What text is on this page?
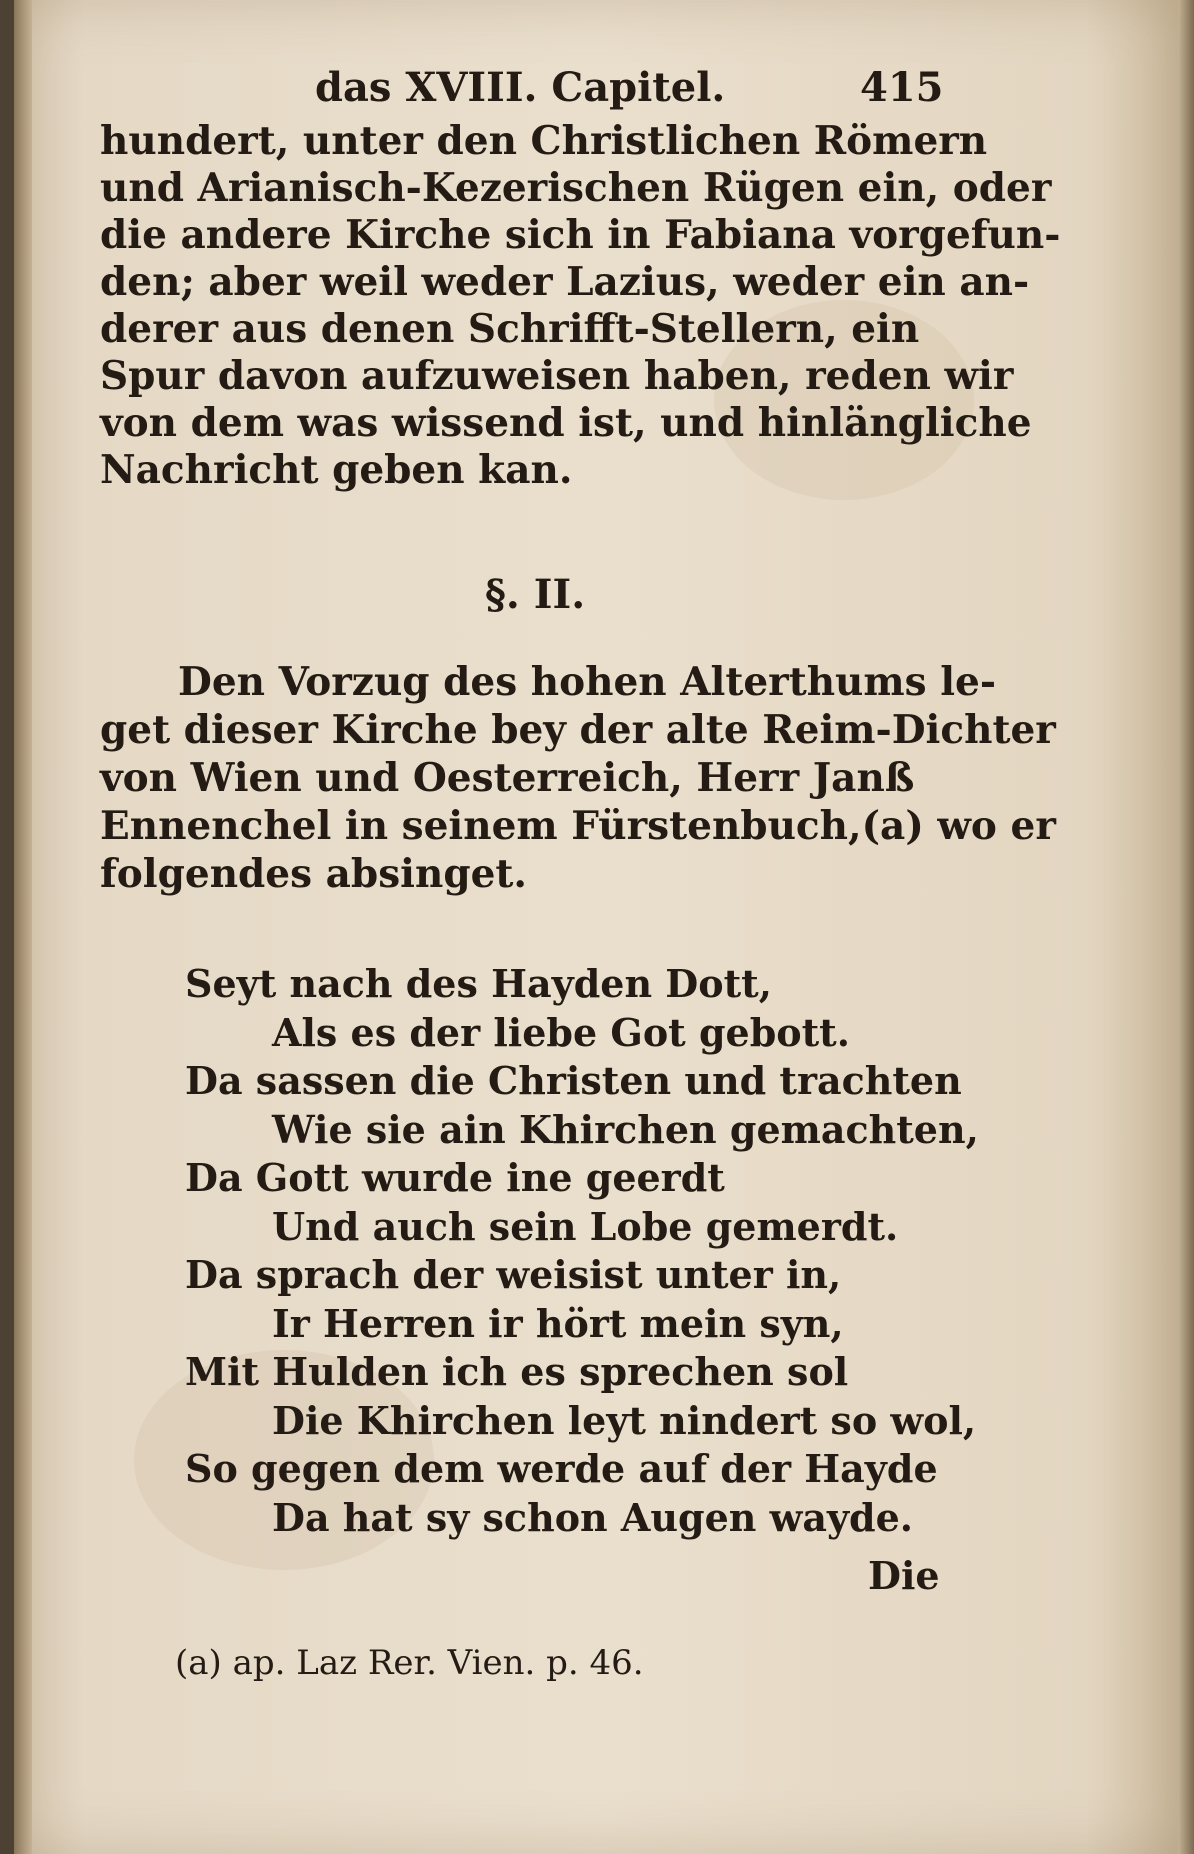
das XVIII. Capitel.	415
hundert, unter den Christlichen Römern
und Arianisch-Kezerischen Rügen ein, oder
die andere Kirche sich in Fabiana vorgefun-
den; aber weil weder Lazius, weder ein an-
derer aus denen Schrifft-Stellern, ein
Spur davon aufzuweisen haben, reden wir
von dem was wissend ist, und hinlängliche
Nachricht geben kan.
§. II.
Den Vorzug des hohen Alterthums le-
get dieser Kirche bey der alte Reim-Dichter
von Wien und Oesterreich, Herr Janß
Ennenchel in seinem Fürstenbuch,(a) wo er
folgendes absinget.
Seyt nach des Hayden Dott,
Als es der liebe Got gebott.
Da sassen die Christen und trachten
Wie sie ain Khirchen gemachten,
Da Gott wurde ine geerdt
Und auch sein Lobe gemerdt.
Da sprach der weisist unter in,
Ir Herren ir hört mein syn,
Mit Hulden ich es sprechen sol
Die Khirchen leyt nindert so wol,
So gegen dem werde auf der Hayde
Da hat sy schon Augen wayde.
Die
(a) ap. Laz Rer. Vien. p. 46.
